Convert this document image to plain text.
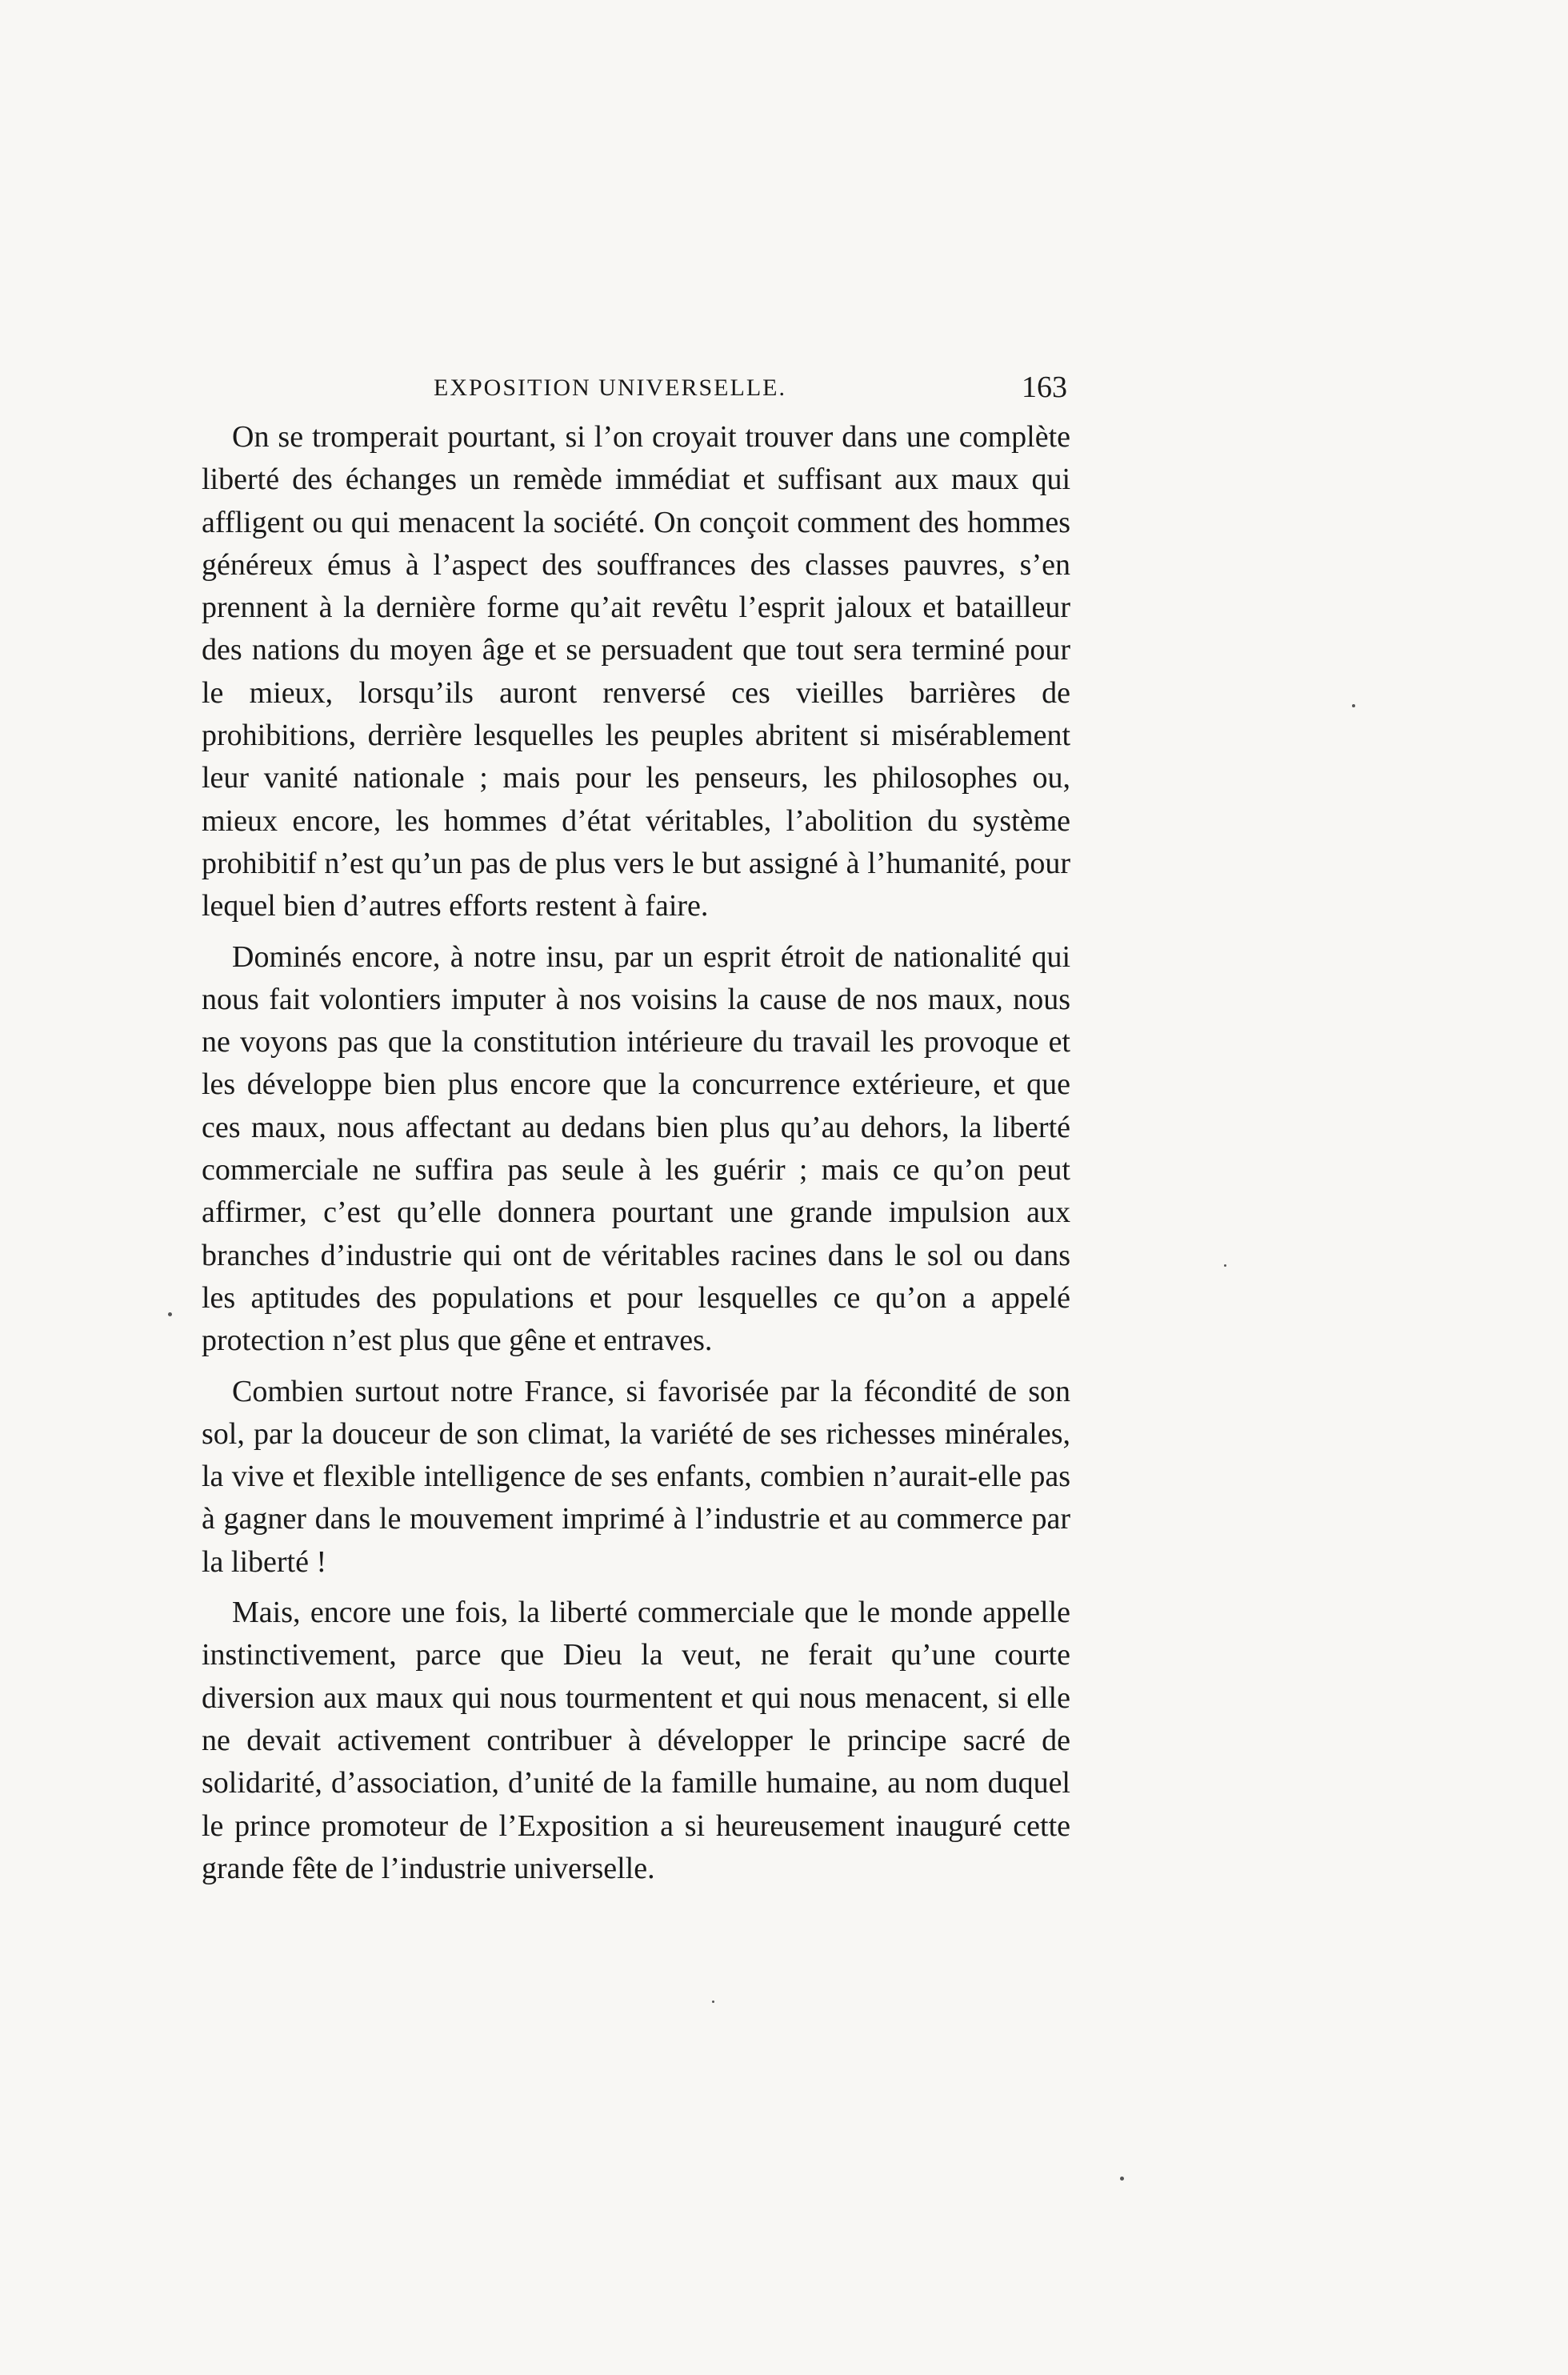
EXPOSITION UNIVERSELLE.	163

On se tromperait pourtant, si l’on croyait trouver dans une complète liberté des échanges un remède immédiat et suffisant aux maux qui affligent ou qui menacent la société. On conçoit comment des hommes généreux émus à l’aspect des souffrances des classes pauvres, s’en prennent à la dernière forme qu’ait revêtu l’esprit jaloux et batailleur des nations du moyen âge et se persuadent que tout sera terminé pour le mieux, lorsqu’ils auront renversé ces vieilles barrières de prohibitions, derrière lesquelles les peuples abritent si misérablement leur vanité nationale ; mais pour les penseurs, les philosophes ou, mieux encore, les hommes d’état véritables, l’abolition du système prohibitif n’est qu’un pas de plus vers le but assigné à l’humanité, pour lequel bien d’autres efforts restent à faire.

Dominés encore, à notre insu, par un esprit étroit de nationalité qui nous fait volontiers imputer à nos voisins la cause de nos maux, nous ne voyons pas que la constitution intérieure du travail les provoque et les développe bien plus encore que la concurrence extérieure, et que ces maux, nous affectant au dedans bien plus qu’au dehors, la liberté commerciale ne suffira pas seule à les guérir ; mais ce qu’on peut affirmer, c’est qu’elle donnera pourtant une grande impulsion aux branches d’industrie qui ont de véritables racines dans le sol ou dans les aptitudes des populations et pour lesquelles ce qu’on a appelé protection n’est plus que gêne et entraves.

Combien surtout notre France, si favorisée par la fécondité de son sol, par la douceur de son climat, la variété de ses richesses minérales, la vive et flexible intelligence de ses enfants, combien n’aurait-elle pas à gagner dans le mouvement imprimé à l’industrie et au commerce par la liberté !

Mais, encore une fois, la liberté commerciale que le monde appelle instinctivement, parce que Dieu la veut, ne ferait qu’une courte diversion aux maux qui nous tourmentent et qui nous menacent, si elle ne devait activement contribuer à développer le principe sacré de solidarité, d’association, d’unité de la famille humaine, au nom duquel le prince promoteur de l’Exposition a si heureusement inauguré cette grande fête de l’industrie universelle.
